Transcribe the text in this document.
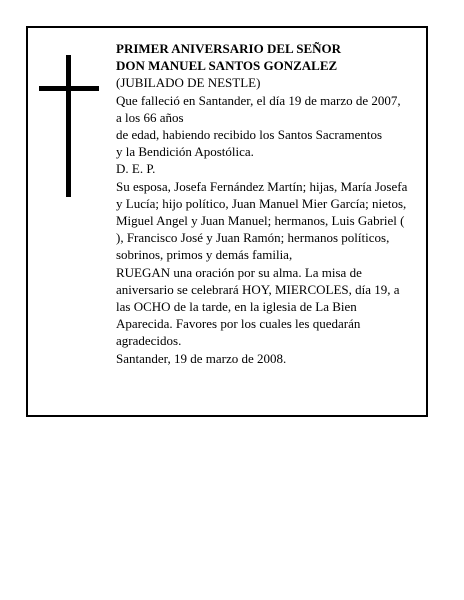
PRIMER ANIVERSARIO DEL SEÑOR
DON MANUEL SANTOS GONZALEZ
(JUBILADO DE NESTLE)
Que falleció en Santander, el día 19 de marzo de 2007,
a los 66 años
de edad, habiendo recibido los Santos Sacramentos
y la Bendición Apostólica.
D. E. P.
Su esposa, Josefa Fernández Martín; hijas, María Josefa
y Lucía; hijo político, Juan Manuel Mier García; nietos,
Miguel Angel y Juan Manuel; hermanos, Luis Gabriel (
), Francisco José y Juan Ramón; hermanos políticos,
sobrinos, primos y demás familia,
RUEGAN una oración por su alma. La misa de
aniversario se celebrará HOY, MIERCOLES, día 19, a
las OCHO de la tarde, en la iglesia de La Bien
Aparecida. Favores por los cuales les quedarán
agradecidos.
Santander, 19 de marzo de 2008.
